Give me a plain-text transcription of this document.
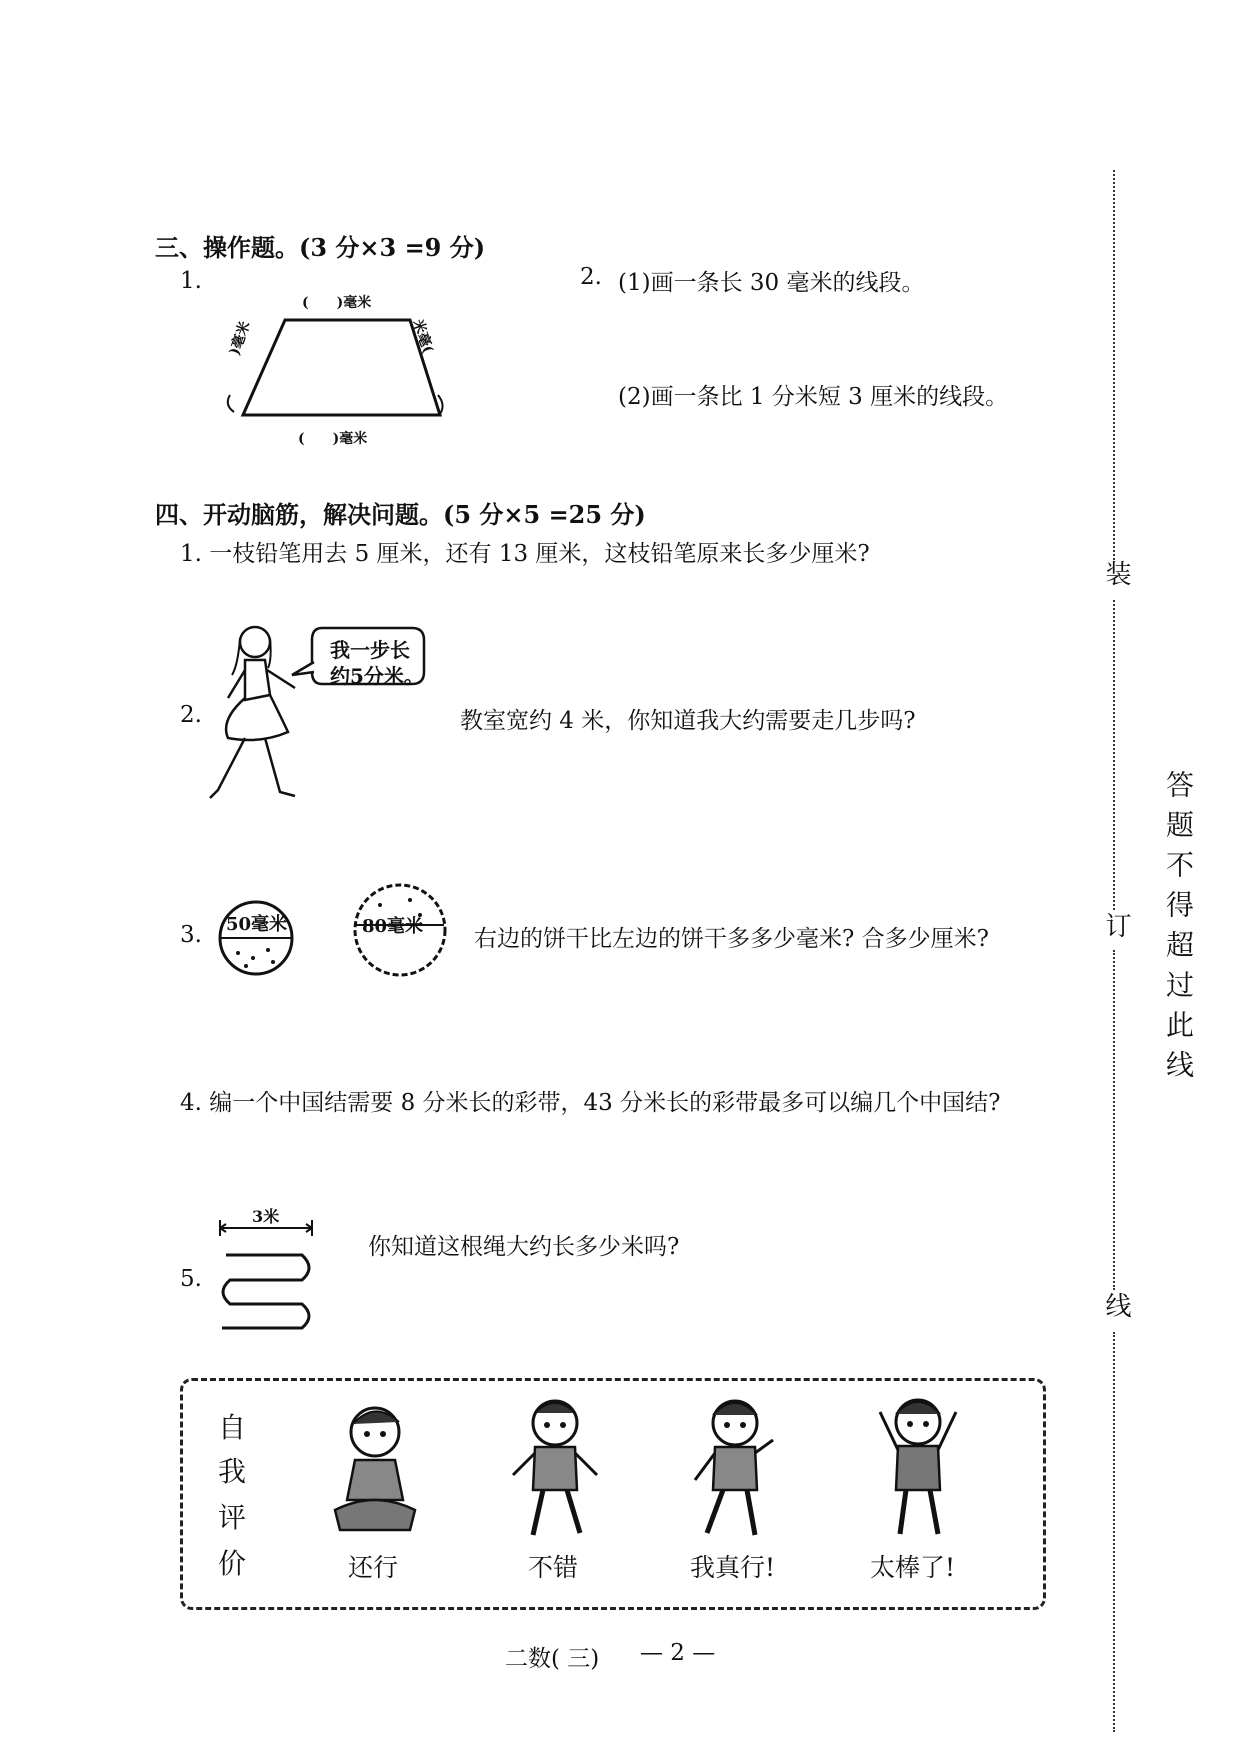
装
订
线
答题不得超过此线
三、操作题。(3 分×3 =9 分)
1.
(　　)毫米
)毫米	米毫(
(　　)毫米
2. (1)画一条长 30 毫米的线段。
(2)画一条比 1 分米短 3 厘米的线段。
四、开动脑筋，解决问题。(5 分×5 =25 分)
1. 一枝铅笔用去 5 厘米，还有 13 厘米，这枝铅笔原来长多少厘米?
2.
我一步长
约5分米。
教室宽约 4 米，你知道我大约需要走几步吗?
3. 50毫米	80毫米 右边的饼干比左边的饼干多多少毫米? 合多少厘米?
4. 编一个中国结需要 8 分米长的彩带，43 分米长的彩带最多可以编几个中国结?
5.
3米
你知道这根绳大约长多少米吗?
自
我
评
价	还行	不错	我真行!	太棒了!
二数( 三) — 2 —
